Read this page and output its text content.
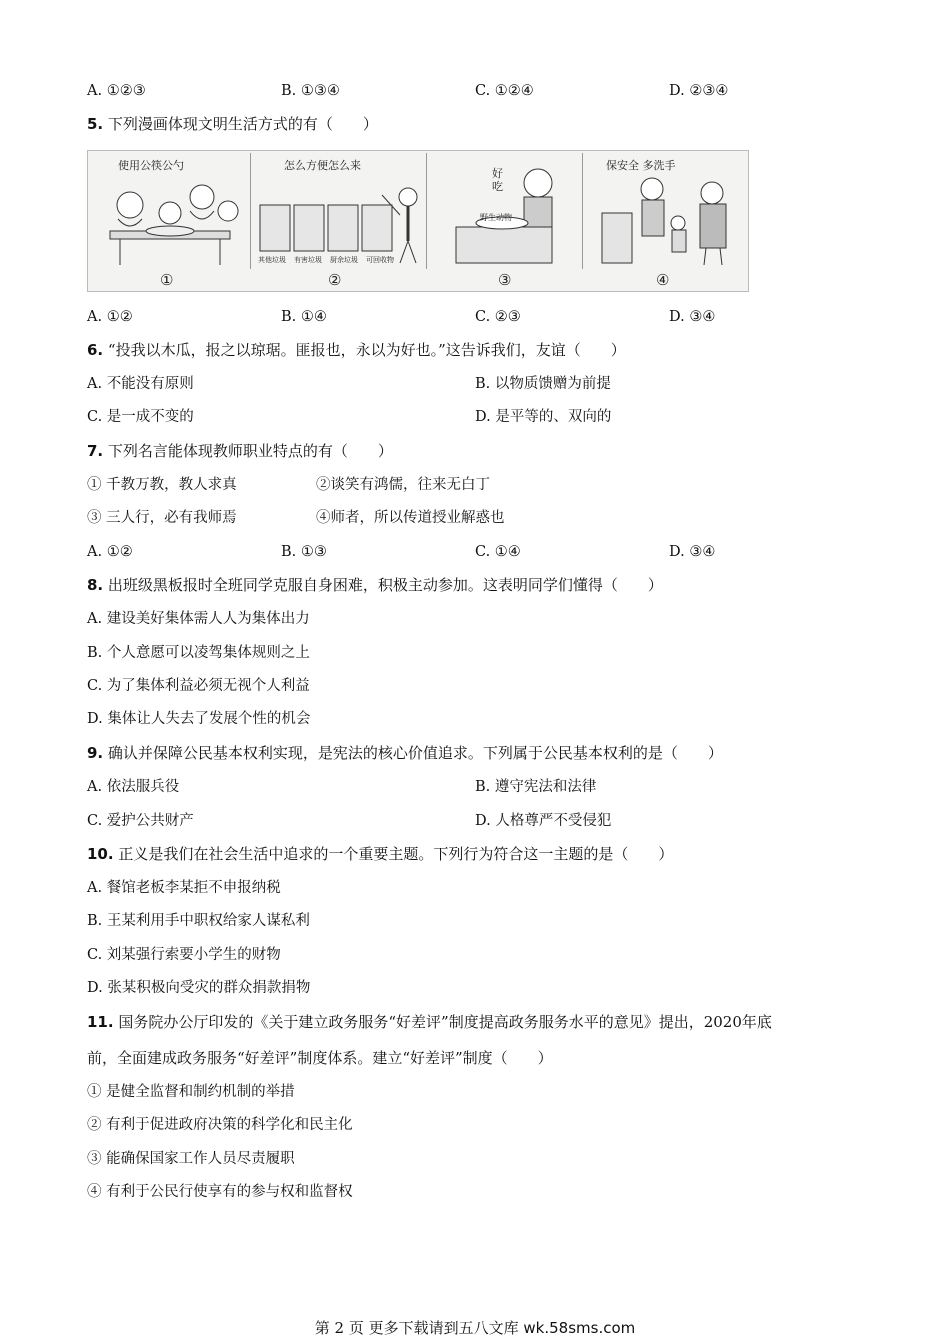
A. ①②③	B. ①③④	C. ①②④	D. ②③④
5. 下列漫画体现文明生活方式的有（　　）
使用公筷公勺	怎么方便怎么来
其他垃圾 有害垃圾 厨余垃圾 可回收物
好吃
野生动物
保安全 多洗手
①	②	③	④
A. ①②	B. ①④	C. ②③	D. ③④
6. “投我以木瓜，报之以琼琚。匪报也，永以为好也。”这告诉我们，友谊（　　）
A. 不能没有原则	B. 以物质馈赠为前提
C. 是一成不变的	D. 是平等的、双向的
7. 下列名言能体现教师职业特点的有（　　）
① 千教万教，教人求真	②谈笑有鸿儒，往来无白丁
③ 三人行，必有我师焉	④师者，所以传道授业解惑也
A. ①②	B. ①③	C. ①④	D. ③④
8. 出班级黑板报时全班同学克服自身困难，积极主动参加。这表明同学们懂得（　　）
A. 建设美好集体需人人为集体出力
B. 个人意愿可以凌驾集体规则之上
C. 为了集体利益必须无视个人利益
D. 集体让人失去了发展个性的机会
9. 确认并保障公民基本权利实现，是宪法的核心价值追求。下列属于公民基本权利的是（　　）
A. 依法服兵役	B. 遵守宪法和法律
C. 爱护公共财产	D. 人格尊严不受侵犯
10. 正义是我们在社会生活中追求的一个重要主题。下列行为符合这一主题的是（　　）
A. 餐馆老板李某拒不申报纳税
B. 王某利用手中职权给家人谋私利
C. 刘某强行索要小学生的财物
D. 张某积极向受灾的群众捐款捐物
11. 国务院办公厅印发的《关于建立政务服务“好差评”制度提高政务服务水平的意见》提出，2020年底
前，全面建成政务服务“好差评”制度体系。建立“好差评”制度（　　）
① 是健全监督和制约机制的举措
② 有利于促进政府决策的科学化和民主化
③ 能确保国家工作人员尽责履职
④ 有利于公民行使享有的参与权和监督权
第 2 页 更多下载请到五八文库 wk.58sms.com
